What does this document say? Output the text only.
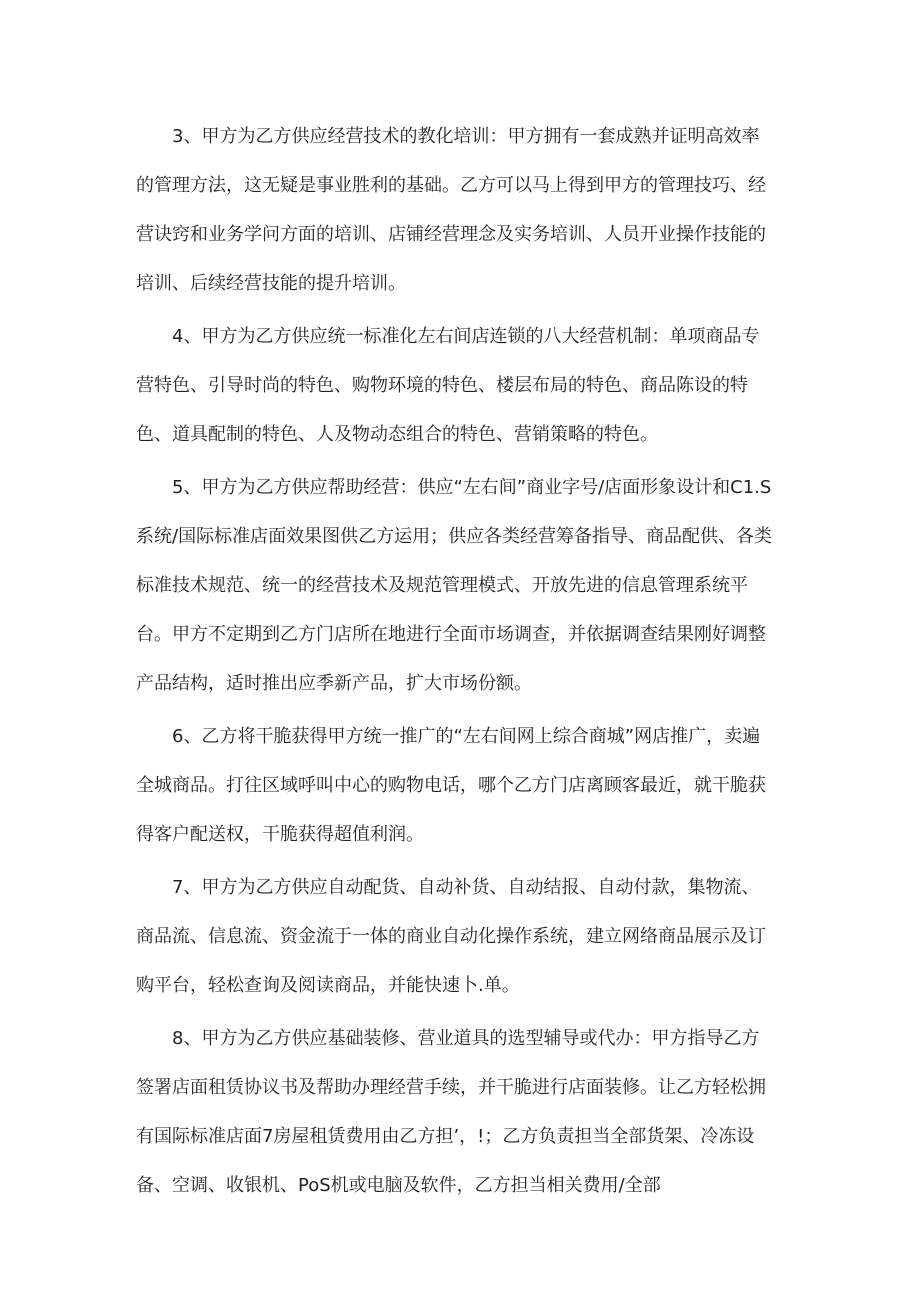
3、甲方为乙方供应经营技术的教化培训：甲方拥有一套成熟并证明高效率的管理方法，这无疑是事业胜利的基础。乙方可以马上得到甲方的管理技巧、经营诀窍和业务学问方面的培训、店铺经营理念及实务培训、人员开业操作技能的培训、后续经营技能的提升培训。

4、甲方为乙方供应统一标准化左右间店连锁的八大经营机制：单项商品专营特色、引导时尚的特色、购物环境的特色、楼层布局的特色、商品陈设的特色、道具配制的特色、人及物动态组合的特色、营销策略的特色。

5、甲方为乙方供应帮助经营：供应“左右间”商业字号/店面形象设计和C1.S系统/国际标准店面效果图供乙方运用；供应各类经营筹备指导、商品配供、各类标准技术规范、统一的经营技术及规范管理模式、开放先进的信息管理系统平台。甲方不定期到乙方门店所在地进行全面市场调查，并依据调查结果刚好调整产品结构，适时推出应季新产品，扩大市场份额。

6、乙方将干脆获得甲方统一推广的“左右间网上综合商城”网店推广，卖遍全城商品。打往区域呼叫中心的购物电话，哪个乙方门店离顾客最近，就干脆获得客户配送权，干脆获得超值利润。

7、甲方为乙方供应自动配货、自动补货、自动结报、自动付款，集物流、商品流、信息流、资金流于一体的商业自动化操作系统，建立网络商品展示及订购平台，轻松查询及阅读商品，并能快速卜.单。

8、甲方为乙方供应基础装修、营业道具的选型辅导或代办：甲方指导乙方签署店面租赁协议书及帮助办理经营手续，并干脆进行店面装修。让乙方轻松拥有国际标准店面7房屋租赁费用由乙方担’，!；乙方负责担当全部货架、冷冻设备、空调、收银机、PoS机或电脑及软件，乙方担当相关费用/全部
